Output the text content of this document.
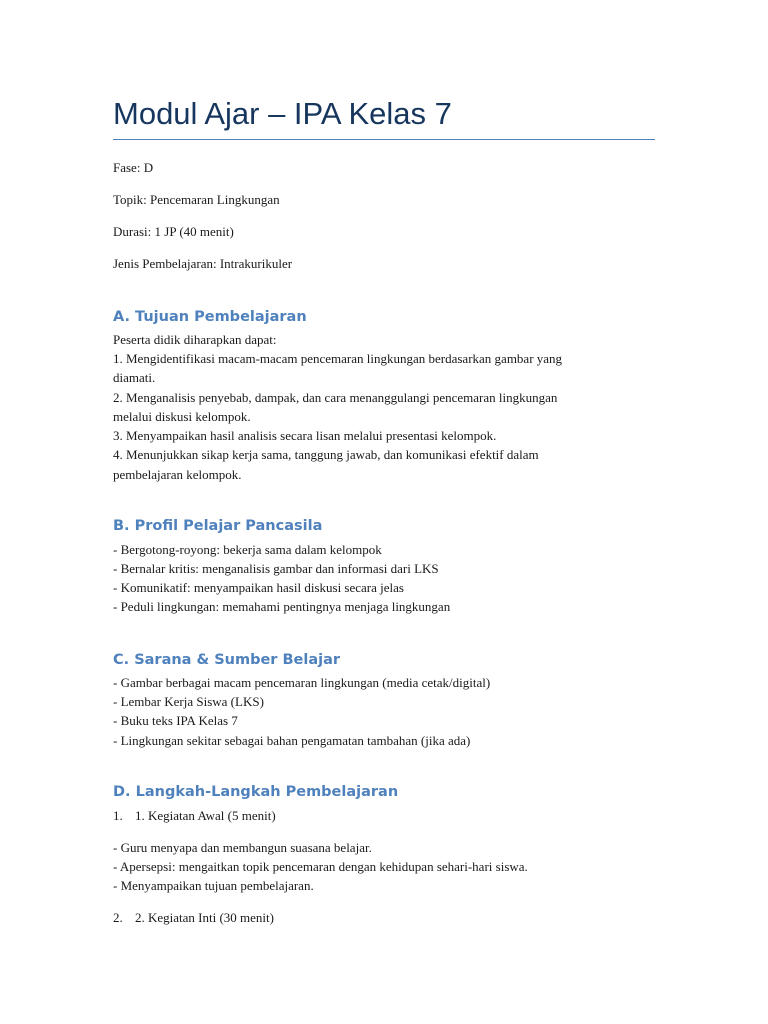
Modul Ajar – IPA Kelas 7
Fase: D
Topik: Pencemaran Lingkungan
Durasi: 1 JP (40 menit)
Jenis Pembelajaran: Intrakurikuler
A. Tujuan Pembelajaran
Peserta didik diharapkan dapat:
1. Mengidentifikasi macam-macam pencemaran lingkungan berdasarkan gambar yang
diamati.
2. Menganalisis penyebab, dampak, dan cara menanggulangi pencemaran lingkungan
melalui diskusi kelompok.
3. Menyampaikan hasil analisis secara lisan melalui presentasi kelompok.
4. Menunjukkan sikap kerja sama, tanggung jawab, dan komunikasi efektif dalam
pembelajaran kelompok.
B. Profil Pelajar Pancasila
- Bergotong-royong: bekerja sama dalam kelompok
- Bernalar kritis: menganalisis gambar dan informasi dari LKS
- Komunikatif: menyampaikan hasil diskusi secara jelas
- Peduli lingkungan: memahami pentingnya menjaga lingkungan
C. Sarana & Sumber Belajar
- Gambar berbagai macam pencemaran lingkungan (media cetak/digital)
- Lembar Kerja Siswa (LKS)
- Buku teks IPA Kelas 7
- Lingkungan sekitar sebagai bahan pengamatan tambahan (jika ada)
D. Langkah-Langkah Pembelajaran
1. 1. Kegiatan Awal (5 menit)
- Guru menyapa dan membangun suasana belajar.
- Apersepsi: mengaitkan topik pencemaran dengan kehidupan sehari-hari siswa.
- Menyampaikan tujuan pembelajaran.
2. 2. Kegiatan Inti (30 menit)
